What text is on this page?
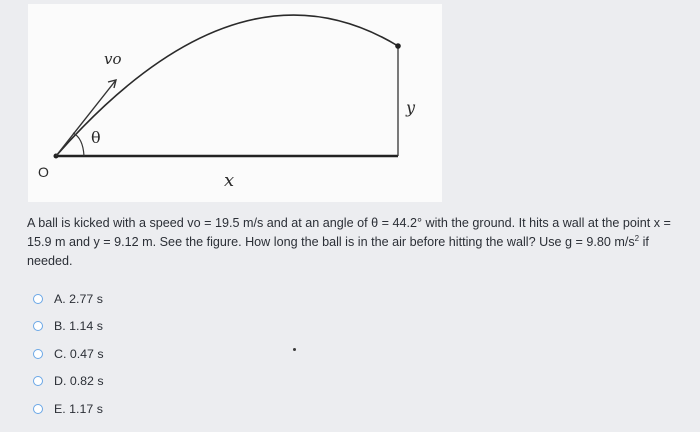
O
vo
θ
x
y
A ball is kicked with a speed vo = 19.5 m/s and at an angle of θ = 44.2° with the ground. It hits a wall at the point x = 15.9 m and y = 9.12 m. See the figure. How long the ball is in the air before hitting the wall? Use g = 9.80 $m/s^2$ if needed.
A. 2.77 s
B. 1.14 s
C. 0.47 s
D. 0.82 s
E. 1.17 s
